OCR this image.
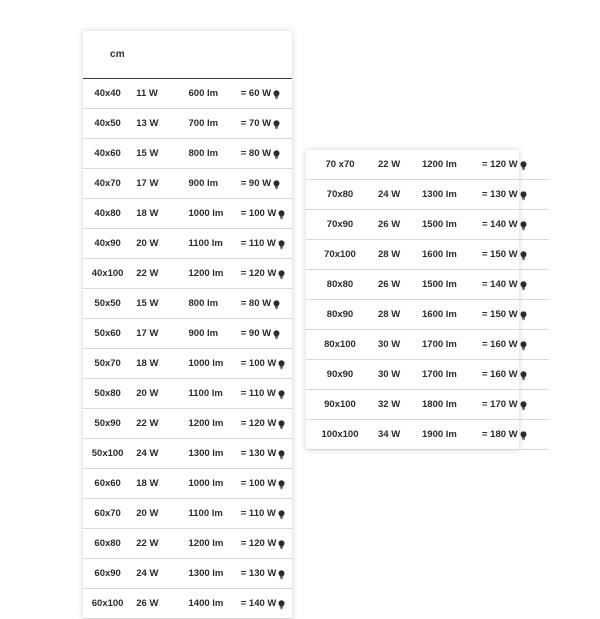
cm			
40x40	11 W	600 lm	= 60 W

40x50	13 W	700 lm	= 70 W

40x60	15 W	800 lm	= 80 W

40x70	17 W	900 lm	= 90 W

40x80	18 W	1000 lm	= 100 W

40x90	20 W	1100 lm	= 110 W

40x100	22 W	1200 lm	= 120 W

50x50	15 W	800 lm	= 80 W

50x60	17 W	900 lm	= 90 W

50x70	18 W	1000 lm	= 100 W

50x80	20 W	1100 lm	= 110 W

50x90	22 W	1200 lm	= 120 W

50x100	24 W	1300 lm	= 130 W

60x60	18 W	1000 lm	= 100 W

60x70	20 W	1100 lm	= 110 W

60x80	22 W	1200 lm	= 120 W

60x90	24 W	1300 lm	= 130 W

60x100	26 W	1400 lm	= 140 W
70 x70	22 W	1200 lm	= 120 W

70x80	24 W	1300 lm	= 130 W

70x90	26 W	1500 lm	= 140 W

70x100	28 W	1600 lm	= 150 W

80x80	26 W	1500 lm	= 140 W

80x90	28 W	1600 lm	= 150 W

80x100	30 W	1700 lm	= 160 W

90x90	30 W	1700 lm	= 160 W

90x100	32 W	1800 lm	= 170 W

100x100	34 W	1900 lm	= 180 W
